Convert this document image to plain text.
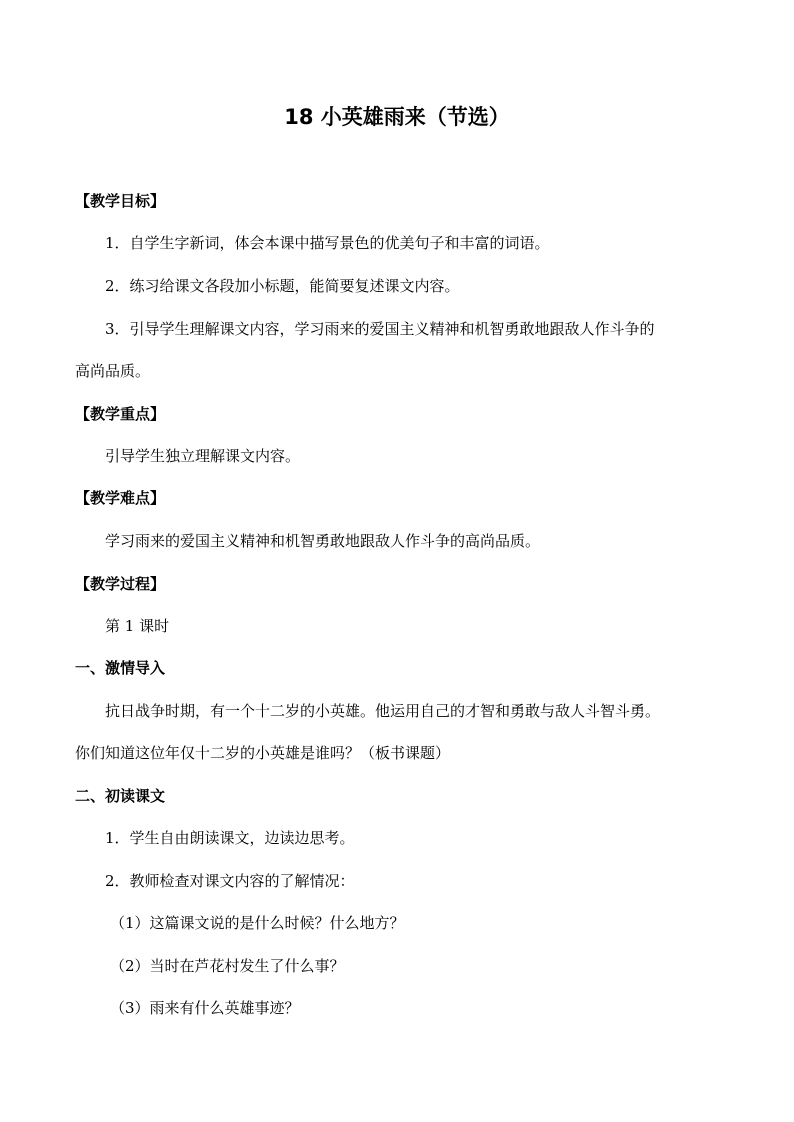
18 小英雄雨来（节选）
【教学目标】
1．自学生字新词，体会本课中描写景色的优美句子和丰富的词语。
2．练习给课文各段加小标题，能简要复述课文内容。
3．引导学生理解课文内容，学习雨来的爱国主义精神和机智勇敢地跟敌人作斗争的
高尚品质。
【教学重点】
引导学生独立理解课文内容。
【教学难点】
学习雨来的爱国主义精神和机智勇敢地跟敌人作斗争的高尚品质。
【教学过程】
第 1 课时
一、激情导入
抗日战争时期，有一个十二岁的小英雄。他运用自己的才智和勇敢与敌人斗智斗勇。
你们知道这位年仅十二岁的小英雄是谁吗？（板书课题）
二、初读课文
1．学生自由朗读课文，边读边思考。
2．教师检查对课文内容的了解情况：
（1）这篇课文说的是什么时候？什么地方？
（2）当时在芦花村发生了什么事？
（3）雨来有什么英雄事迹？
